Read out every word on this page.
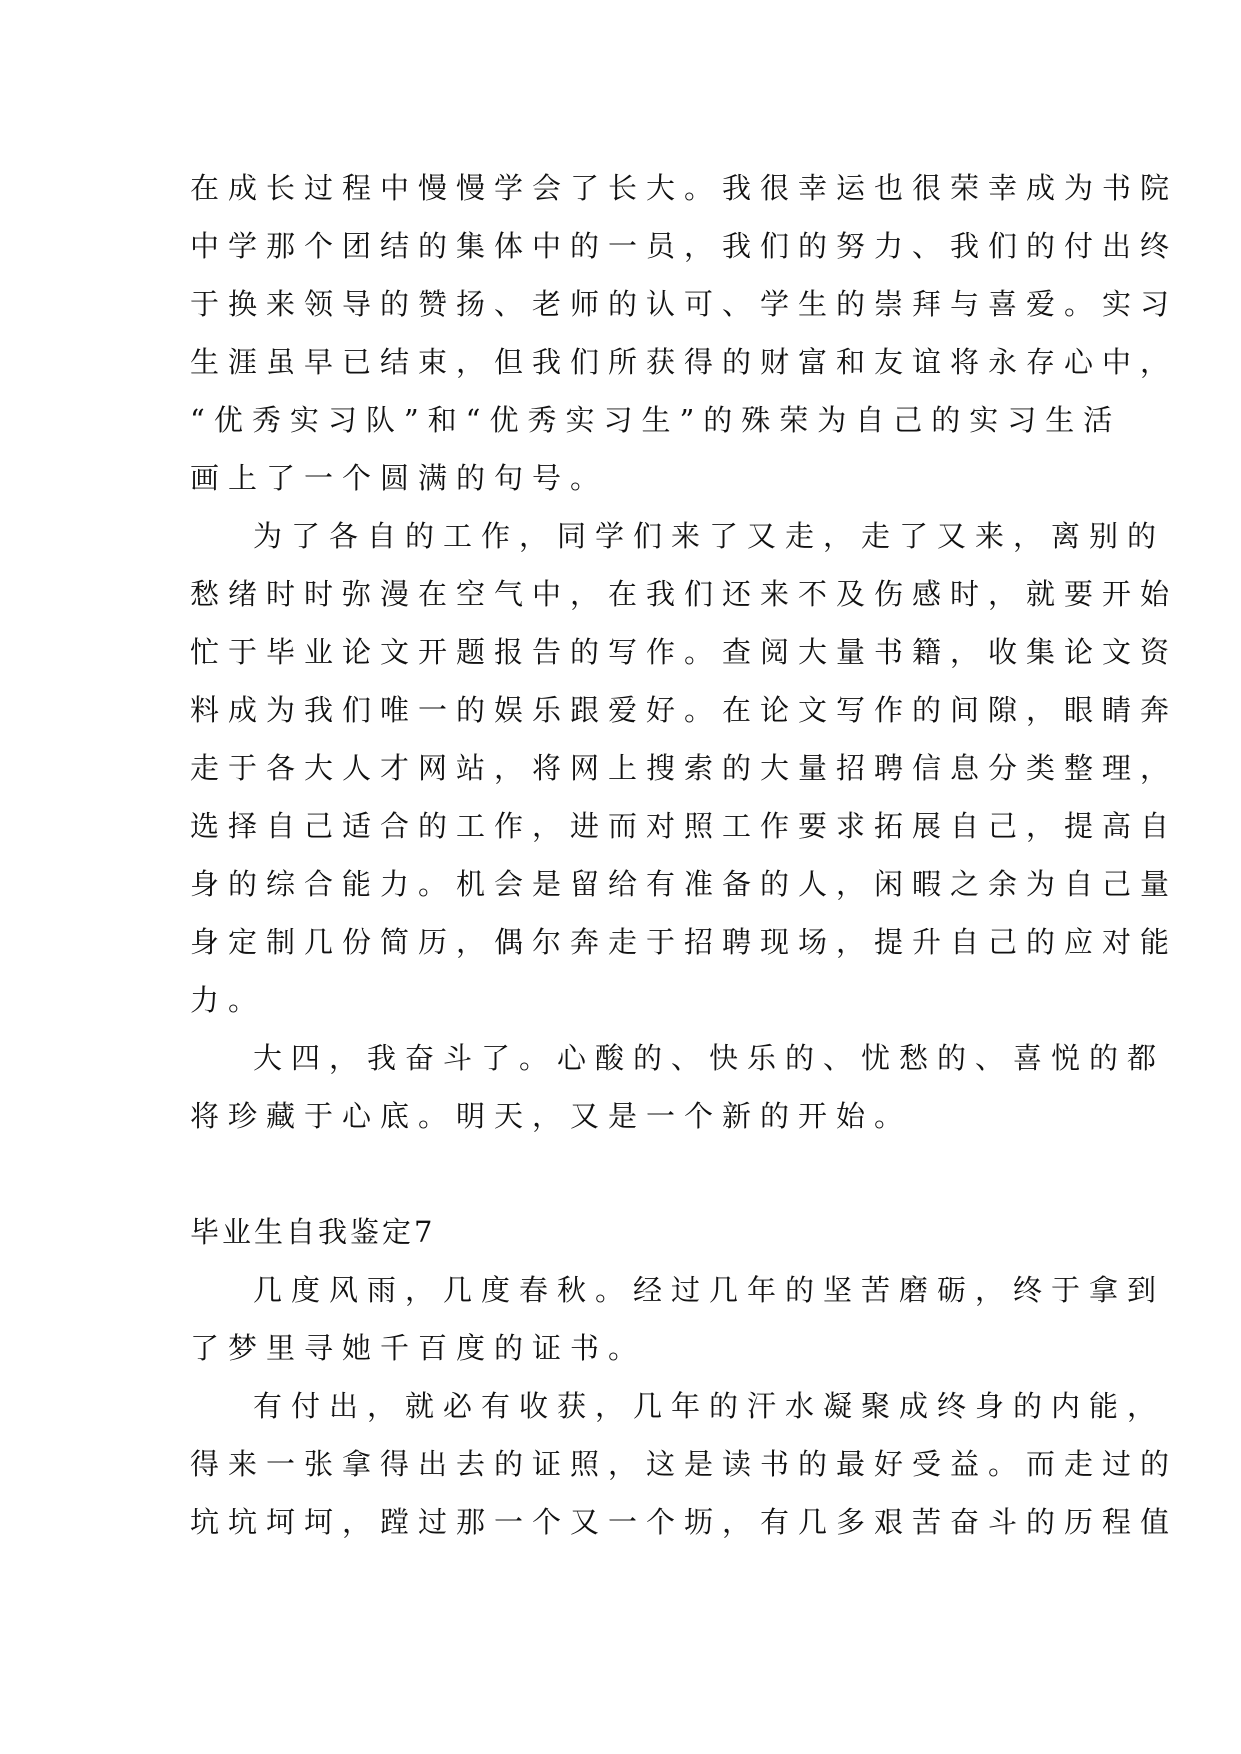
在成长过程中慢慢学会了长大。我很幸运也很荣幸成为书院
中学那个团结的集体中的一员，我们的努力、我们的付出终
于换来领导的赞扬、老师的认可、学生的崇拜与喜爱。实习
生涯虽早已结束，但我们所获得的财富和友谊将永存心中，
“优秀实习队”和“优秀实习生”的殊荣为自己的实习生活
画上了一个圆满的句号。
为了各自的工作，同学们来了又走，走了又来，离别的
愁绪时时弥漫在空气中，在我们还来不及伤感时，就要开始
忙于毕业论文开题报告的写作。查阅大量书籍，收集论文资
料成为我们唯一的娱乐跟爱好。在论文写作的间隙，眼睛奔
走于各大人才网站，将网上搜索的大量招聘信息分类整理，
选择自己适合的工作，进而对照工作要求拓展自己，提高自
身的综合能力。机会是留给有准备的人，闲暇之余为自己量
身定制几份简历，偶尔奔走于招聘现场，提升自己的应对能
力。
大四，我奋斗了。心酸的、快乐的、忧愁的、喜悦的都
将珍藏于心底。明天，又是一个新的开始。
毕业生自我鉴定7
几度风雨，几度春秋。经过几年的坚苦磨砺，终于拿到
了梦里寻她千百度的证书。
有付出，就必有收获，几年的汗水凝聚成终身的内能，
得来一张拿得出去的证照，这是读书的最好受益。而走过的
坑坑坷坷，蹚过那一个又一个坜，有几多艰苦奋斗的历程值
